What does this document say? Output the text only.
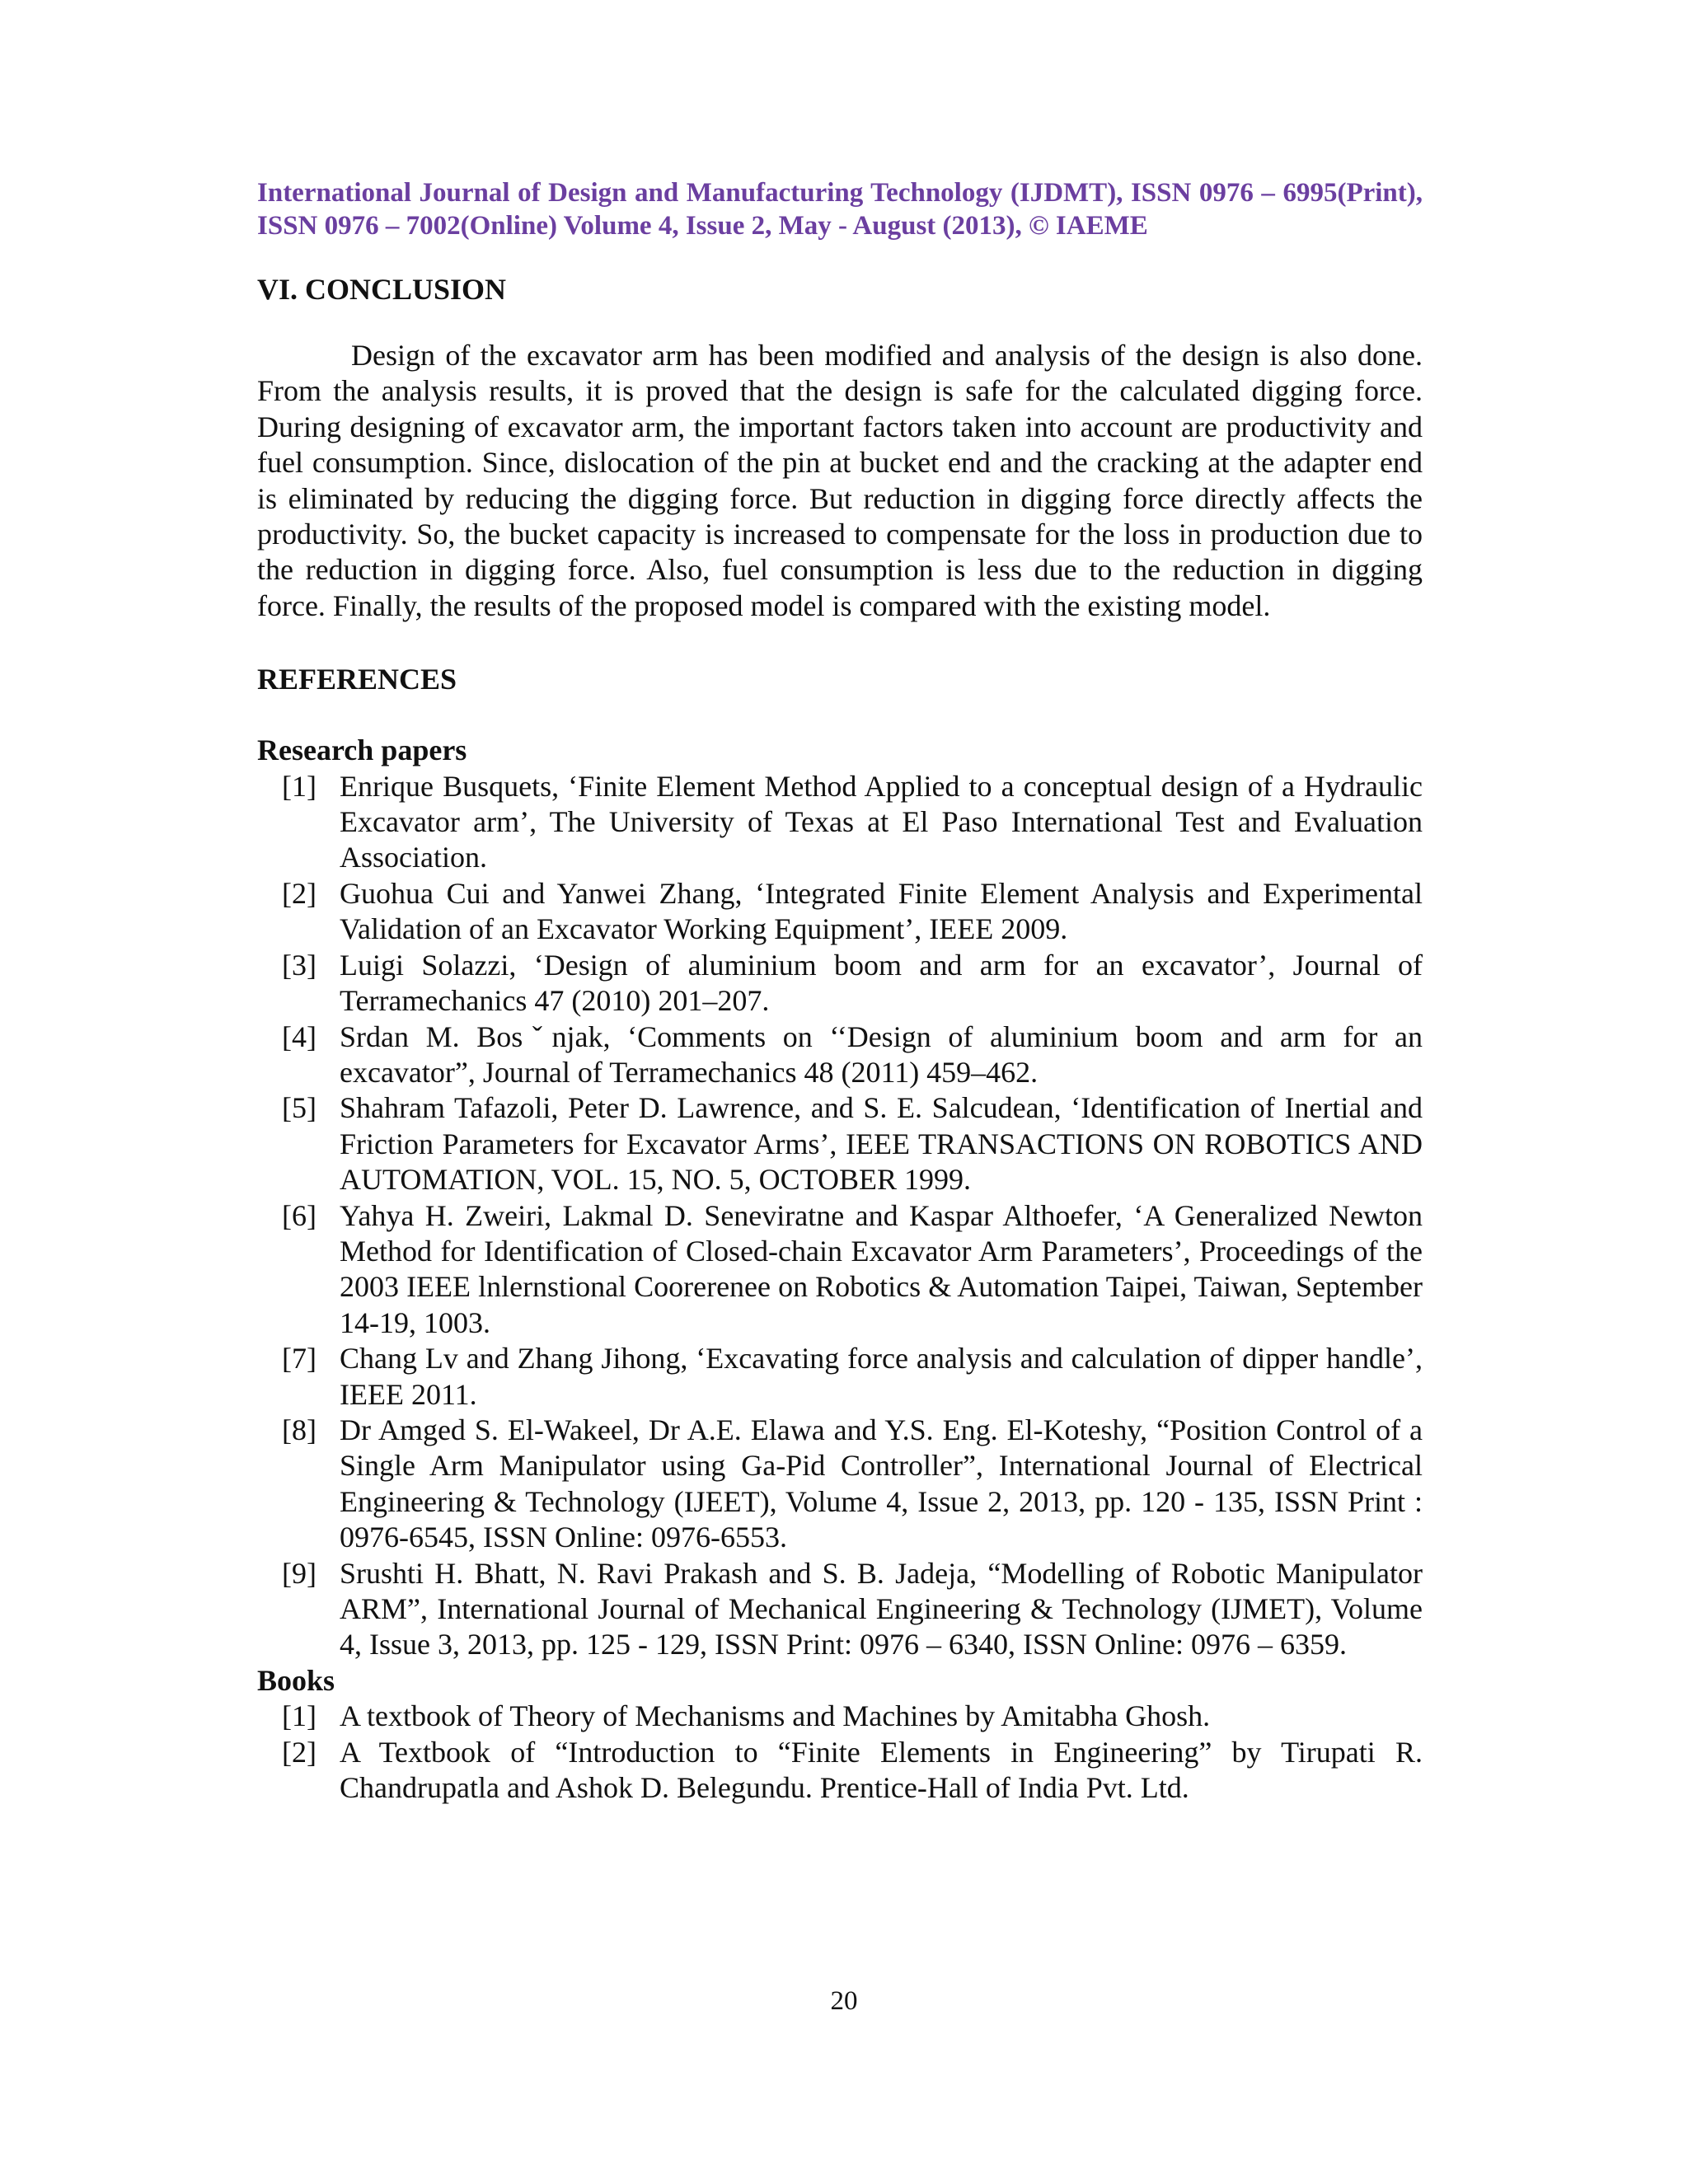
International Journal of Design and Manufacturing Technology (IJDMT), ISSN 0976 – 6995(Print), ISSN 0976 – 7002(Online) Volume 4, Issue 2, May - August (2013), © IAEME

VI. CONCLUSION

Design of the excavator arm has been modified and analysis of the design is also done. From the analysis results, it is proved that the design is safe for the calculated digging force. During designing of excavator arm, the important factors taken into account are productivity and fuel consumption. Since, dislocation of the pin at bucket end and the cracking at the adapter end is eliminated by reducing the digging force. But reduction in digging force directly affects the productivity. So, the bucket capacity is increased to compensate for the loss in production due to the reduction in digging force. Also, fuel consumption is less due to the reduction in digging force. Finally, the results of the proposed model is compared with the existing model.

REFERENCES
Research papers
[1] Enrique Busquets, ‘Finite Element Method Applied to a conceptual design of a Hydraulic Excavator arm’, The University of Texas at El Paso International Test and Evaluation Association.
[2] Guohua Cui and Yanwei Zhang, ‘Integrated Finite Element Analysis and Experimental Validation of an Excavator Working Equipment’, IEEE 2009.
[3] Luigi Solazzi, ‘Design of aluminium boom and arm for an excavator’, Journal of Terramechanics 47 (2010) 201–207.
[4] Srdan M. Bosˇnjak, ‘Comments on ‘‘Design of aluminium boom and arm for an excavator”, Journal of Terramechanics 48 (2011) 459–462.
[5] Shahram Tafazoli, Peter D. Lawrence, and S. E. Salcudean, ‘Identification of Inertial and Friction Parameters for Excavator Arms’, IEEE TRANSACTIONS ON ROBOTICS AND AUTOMATION, VOL. 15, NO. 5, OCTOBER 1999.
[6] Yahya H. Zweiri, Lakmal D. Seneviratne and Kaspar Althoefer, ‘A Generalized Newton Method for Identification of Closed-chain Excavator Arm Parameters’, Proceedings of the 2003 IEEE lnlernstional Coorerenee on Robotics & Automation Taipei, Taiwan, September 14-19, 1003.
[7] Chang Lv and Zhang Jihong, ‘Excavating force analysis and calculation of dipper handle’, IEEE 2011.
[8] Dr Amged S. El-Wakeel, Dr A.E. Elawa and Y.S. Eng. El-Koteshy, “Position Control of a Single Arm Manipulator using Ga-Pid Controller”, International Journal of Electrical Engineering & Technology (IJEET), Volume 4, Issue 2, 2013, pp. 120 - 135, ISSN Print : 0976-6545, ISSN Online: 0976-6553.
[9] Srushti H. Bhatt, N. Ravi Prakash and S. B. Jadeja, “Modelling of Robotic Manipulator ARM”, International Journal of Mechanical Engineering & Technology (IJMET), Volume 4, Issue 3, 2013, pp. 125 - 129, ISSN Print: 0976 – 6340, ISSN Online: 0976 – 6359.
Books
[1] A textbook of Theory of Mechanisms and Machines by Amitabha Ghosh.
[2] A Textbook of “Introduction to “Finite Elements in Engineering” by Tirupati R. Chandrupatla and Ashok D. Belegundu. Prentice-Hall of India Pvt. Ltd.
20
